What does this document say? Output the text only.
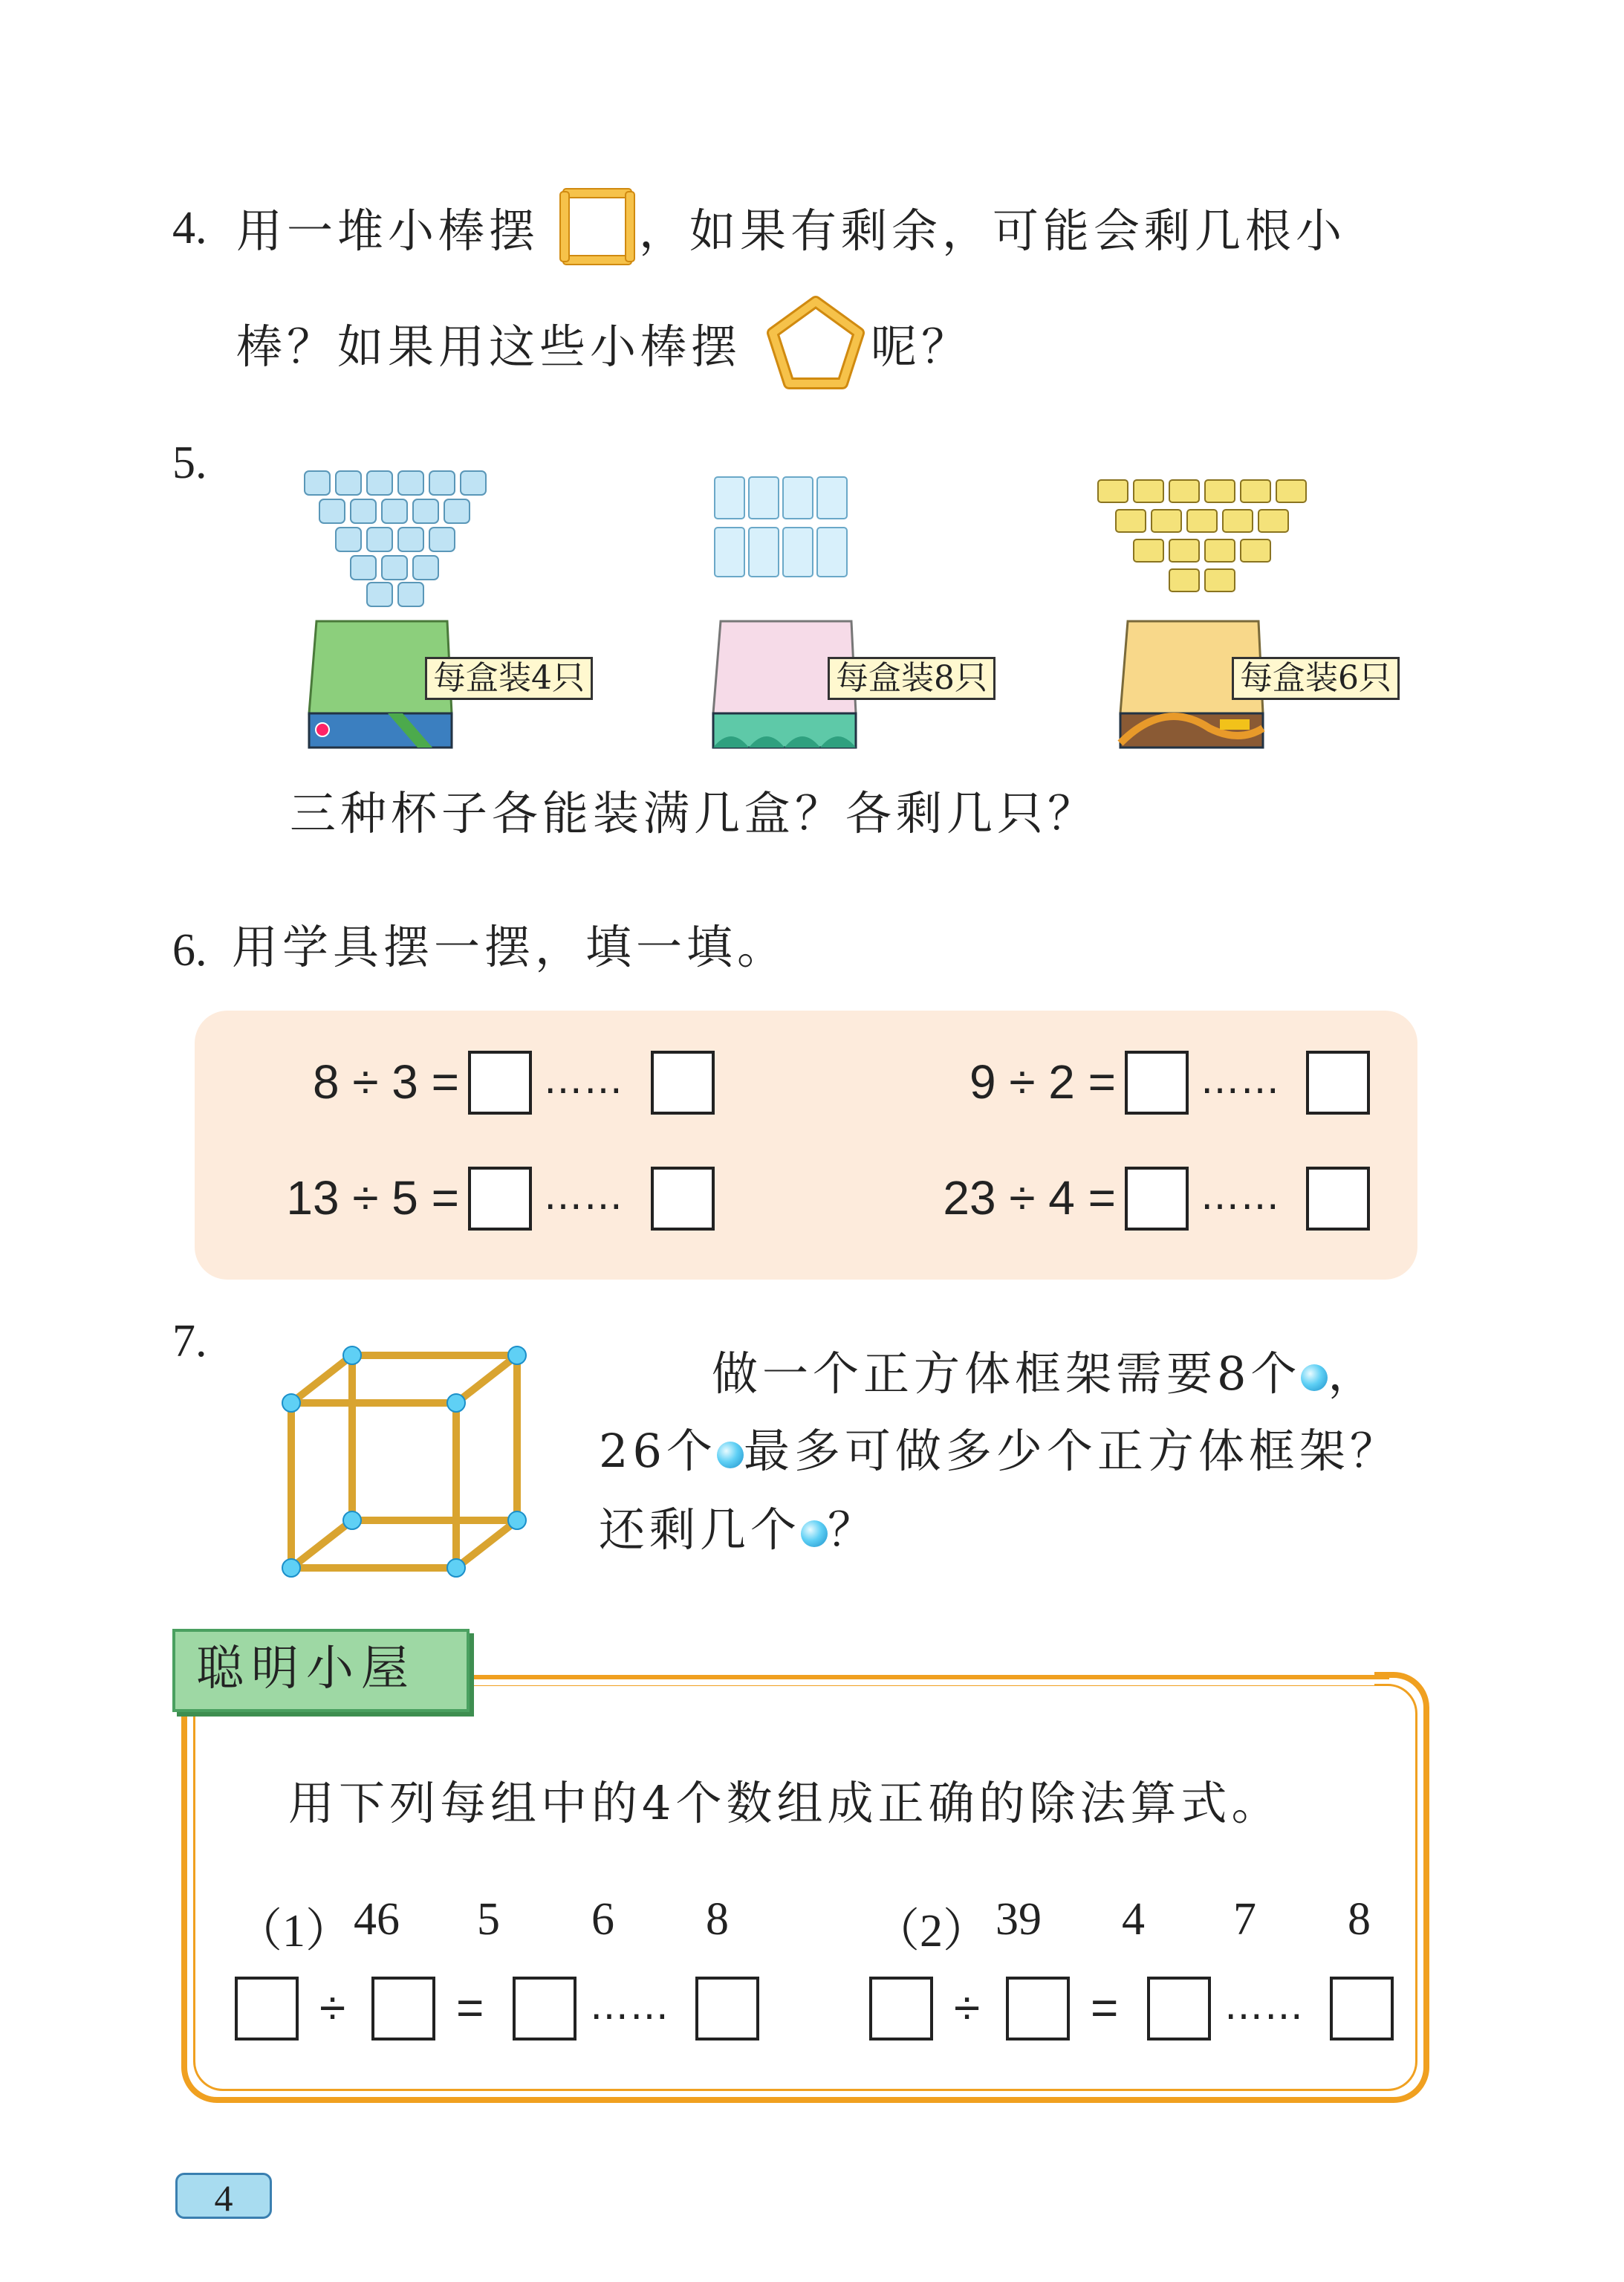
4. 用一堆小棒摆 ，如果有剩余，可能会剩几根小
棒？如果用这些小棒摆	呢？
5.
每盒装4只	每盒装8只	每盒装6只
三种杯子各能装满几盒？各剩几只？
6. 用学具摆一摆，填一填。
8 ÷ 3 = ……	9 ÷ 2 = ……
13 ÷ 5 = ……	23 ÷ 4 = ……
7.
做一个正方体框架需要8个 ，
26个 最多可做多少个正方体框架？
还剩几个 ？
聪明小屋
用下列每组中的4个数组成正确的除法算式。
（1） 46 5 6 8	（2） 39 4 7 8
÷ =	……	÷ =	……
4
